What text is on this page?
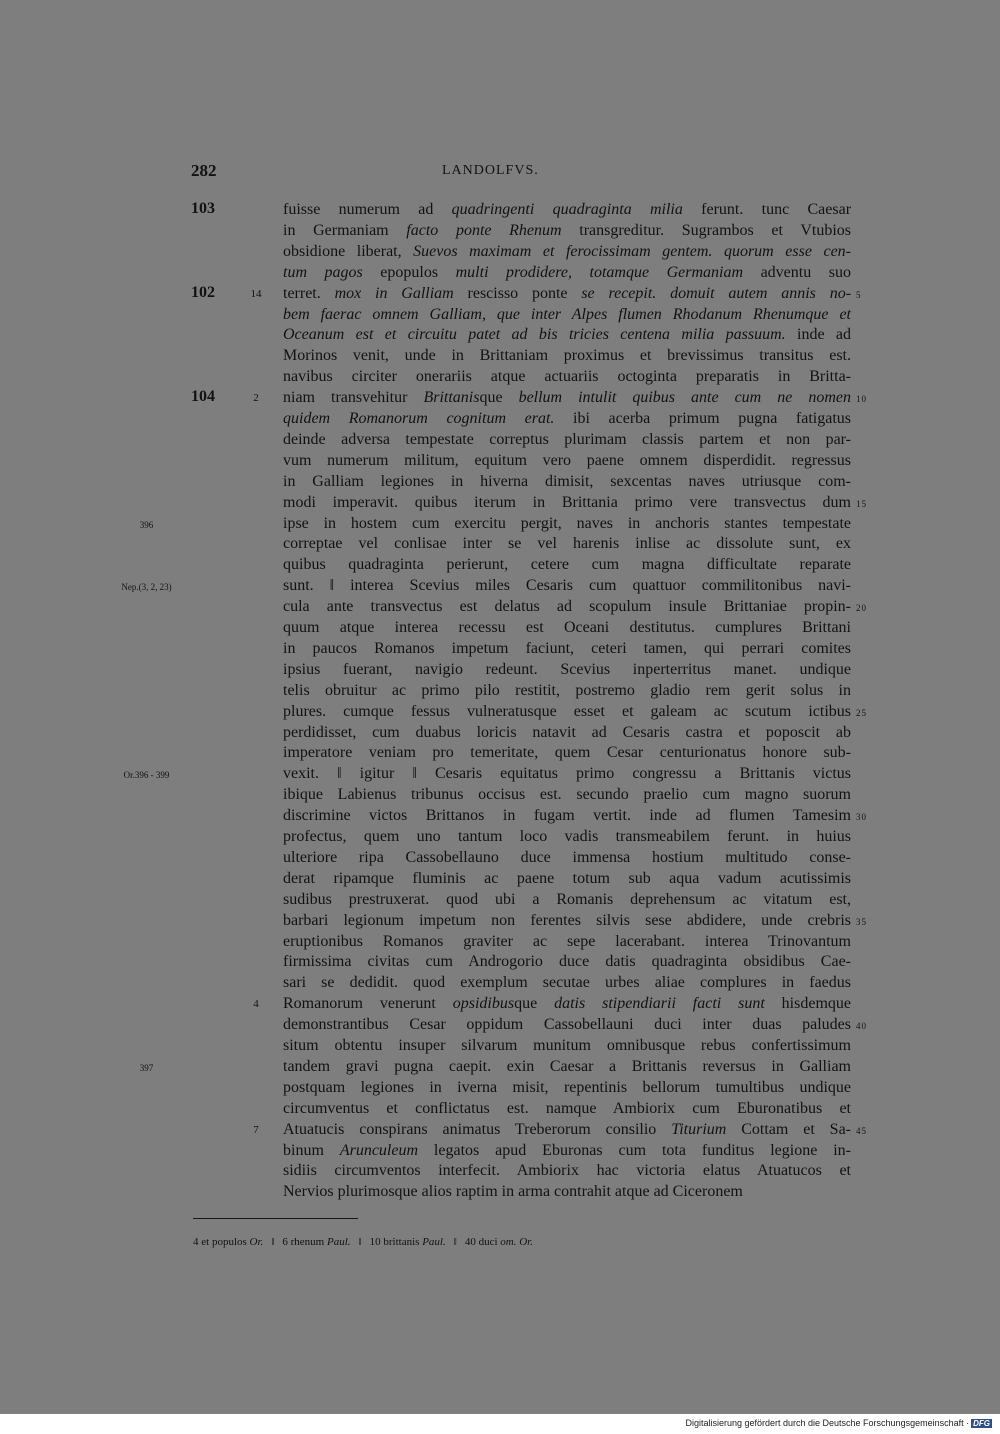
282	LANDOLFVS.
fuisse numerum ad quadringenti quadraginta milia ferunt. tunc Caesar
in Germaniam facto ponte Rhenum transgreditur. Sugrambos et Vtubios
obsidione liberat, Suevos maximam et ferocissimam gentem. quorum esse cen-
tum pagos epopulos multi prodidere, totamque Germaniam adventu suo
terret. mox in Galliam rescisso ponte se recepit. domuit autem annis no-
bem faerac omnem Galliam, que inter Alpes flumen Rhodanum Rhenumque et
Oceanum est et circuitu patet ad bis tricies centena milia passuum. inde ad
Morinos venit, unde in Brittaniam proximus et brevissimus transitus est.
navibus circiter onerariis atque actuariis octoginta preparatis in Britta-
niam transvehitur Brittanisque bellum intulit quibus ante cum ne nomen
quidem Romanorum cognitum erat. ibi acerba primum pugna fatigatus
deinde adversa tempestate correptus plurimam classis partem et non par-
vum numerum militum, equitum vero paene omnem disperdidit. regressus
in Galliam legiones in hiverna dimisit, sexcentas naves utriusque com-
modi imperavit. quibus iterum in Brittania primo vere transvectus dum
ipse in hostem cum exercitu pergit, naves in anchoris stantes tempestate
correptae vel conlisae inter se vel harenis inlise ac dissolute sunt, ex
quibus quadraginta perierunt, cetere cum magna difficultate reparate
sunt. ‖ interea Scevius miles Cesaris cum quattuor commilitonibus navi-
cula ante transvectus est delatus ad scopulum insule Brittaniae propin-
quum atque interea recessu est Oceani destitutus. cumplures Brittani
in paucos Romanos impetum faciunt, ceteri tamen, qui perrari comites
ipsius fuerant, navigio redeunt. Scevius inperterritus manet. undique
telis obruitur ac primo pilo restitit, postremo gladio rem gerit solus in
plures. cumque fessus vulneratusque esset et galeam ac scutum ictibus
perdidisset, cum duabus loricis natavit ad Cesaris castra et poposcit ab
imperatore veniam pro temeritate, quem Cesar centurionatus honore sub-
vexit. ‖ igitur ‖ Cesaris equitatus primo congressu a Brittanis victus
ibique Labienus tribunus occisus est. secundo praelio cum magno suorum
discrimine victos Brittanos in fugam vertit. inde ad flumen Tamesim
profectus, quem uno tantum loco vadis transmeabilem ferunt. in huius
ulteriore ripa Cassobellauno duce immensa hostium multitudo conse-
derat ripamque fluminis ac paene totum sub aqua vadum acutissimis
sudibus prestruxerat. quod ubi a Romanis deprehensum ac vitatum est,
barbari legionum impetum non ferentes silvis sese abdidere, unde crebris
eruptionibus Romanos graviter ac sepe lacerabant. interea Trinovantum
firmissima civitas cum Androgorio duce datis quadraginta obsidibus Cae-
sari se dedidit. quod exemplum secutae urbes aliae complures in faedus
Romanorum venerunt opsidibusque datis stipendiarii facti sunt hisdemque
demonstrantibus Cesar oppidum Cassobellauni duci inter duas paludes
situm obtentu insuper silvarum munitum omnibusque rebus confertissimum
tandem gravi pugna caepit. exin Caesar a Brittanis reversus in Galliam
postquam legiones in iverna misit, repentinis bellorum tumultibus undique
circumventus et conflictatus est. namque Ambiorix cum Eburonatibus et
Atuatucis conspirans animatus Treberorum consilio Titurium Cottam et Sa-
binum Arunculeum legatos apud Eburonas cum tota funditus legione in-
sidiis circumventos interfecit. Ambiorix hac victoria elatus Atuatucos et
Nervios plurimosque alios raptim in arma contrahit atque ad Ciceronem
103
102
104
14
2
4
7
396
Nep.(3, 2, 23)
Or.396 - 399
397
5
10
15
20
25
30
35
40
45
4 et populos Or. ‖ 6 rhenum Paul. ‖ 10 brittanis Paul. ‖ 40 duci om. Or.
Digitalisierung gefördert durch die Deutsche Forschungsgemeinschaft · DFG
